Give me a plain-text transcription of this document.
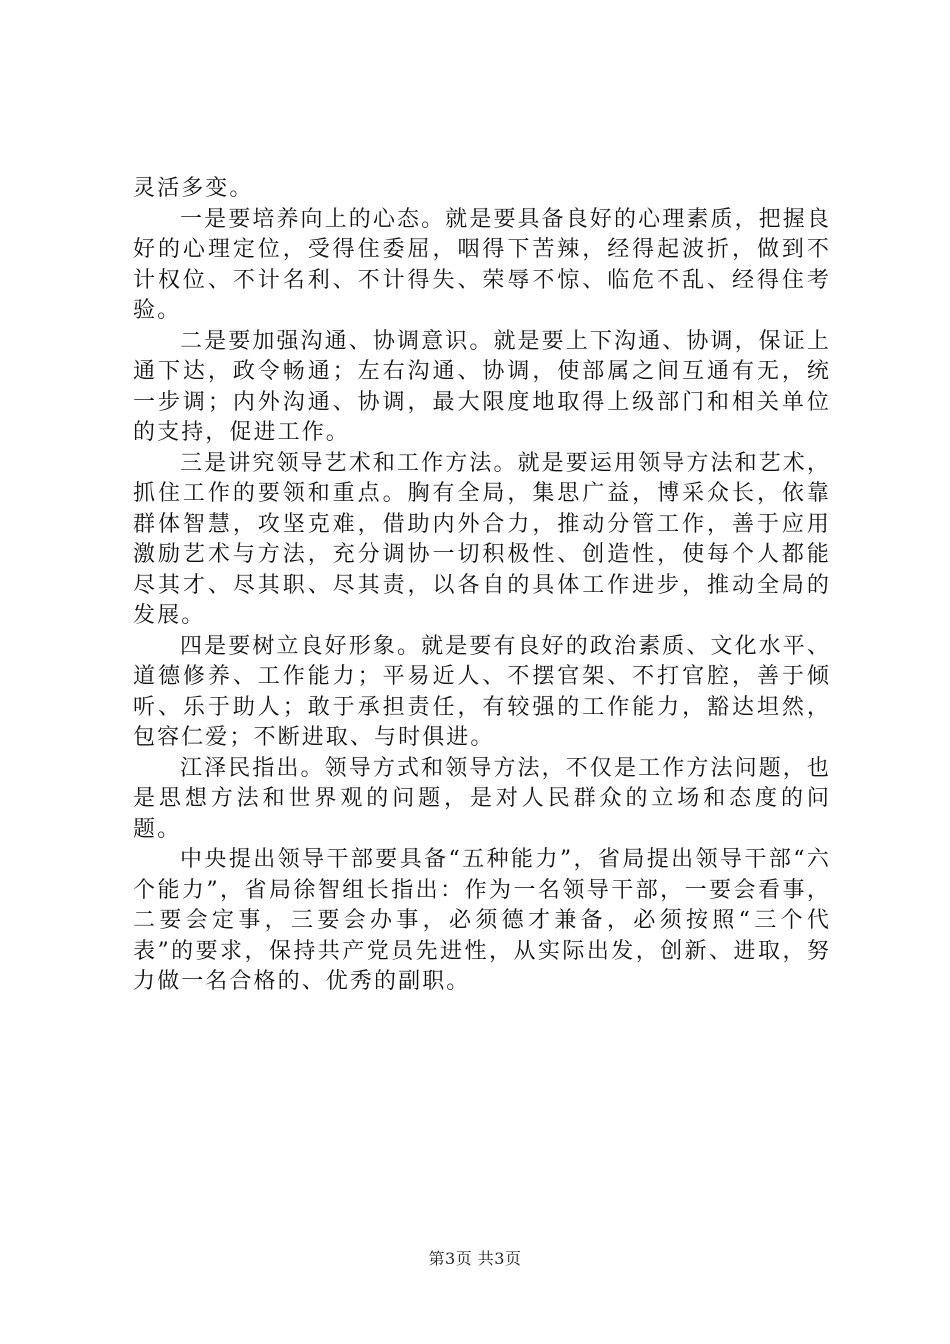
灵活多变。

一是要培养向上的心态。就是要具备良好的心理素质，把握良好的心理定位，受得住委屈，咽得下苦辣，经得起波折，做到不计权位、不计名利、不计得失、荣辱不惊、临危不乱、经得住考验。

二是要加强沟通、协调意识。就是要上下沟通、协调，保证上通下达，政令畅通；左右沟通、协调，使部属之间互通有无，统一步调；内外沟通、协调，最大限度地取得上级部门和相关单位的支持，促进工作。

三是讲究领导艺术和工作方法。就是要运用领导方法和艺术，抓住工作的要领和重点。胸有全局，集思广益，博采众长，依靠群体智慧，攻坚克难，借助内外合力，推动分管工作，善于应用激励艺术与方法，充分调协一切积极性、创造性，使每个人都能尽其才、尽其职、尽其责，以各自的具体工作进步，推动全局的发展。

四是要树立良好形象。就是要有良好的政治素质、文化水平、道德修养、工作能力；平易近人、不摆官架、不打官腔，善于倾听、乐于助人；敢于承担责任，有较强的工作能力，豁达坦然，包容仁爱；不断进取、与时俱进。

江泽民指出。领导方式和领导方法，不仅是工作方法问题，也是思想方法和世界观的问题，是对人民群众的立场和态度的问题。

中央提出领导干部要具备“五种能力”，省局提出领导干部“六个能力”，省局徐智组长指出：作为一名领导干部，一要会看事，二要会定事，三要会办事，必须德才兼备，必须按照“三个代表”的要求，保持共产党员先进性，从实际出发，创新、进取，努力做一名合格的、优秀的副职。

第3页 共3页
